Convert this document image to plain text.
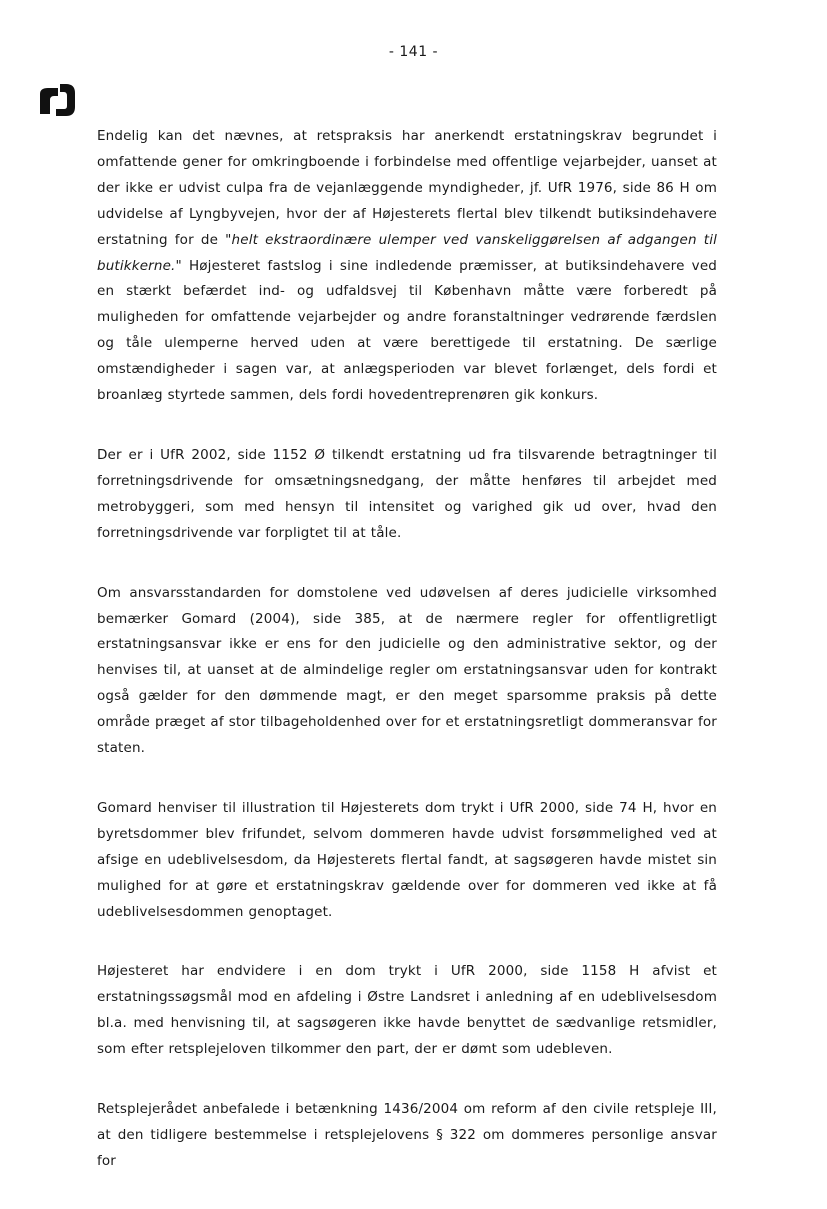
- 141 -

Endelig kan det nævnes, at retspraksis har anerkendt erstatningskrav begrundet i omfattende gener for omkringboende i forbindelse med offentlige vejarbejder, uanset at der ikke er udvist culpa fra de vejanlæggende myndigheder, jf. UfR 1976, side 86 H om udvidelse af Lyngbyvejen, hvor der af Højesterets flertal blev tilkendt butiksindehavere erstatning for de "helt ekstraordinære ulemper ved vanskeliggørelsen af adgangen til butikkerne." Højesteret fastslog i sine indledende præmisser, at butiksindehavere ved en stærkt befærdet ind- og udfaldsvej til København måtte være forberedt på muligheden for omfattende vejarbejder og andre foranstaltninger vedrørende færdslen og tåle ulemperne herved uden at være berettigede til erstatning. De særlige omstændigheder i sagen var, at anlægsperioden var blevet forlænget, dels fordi et broanlæg styrtede sammen, dels fordi hovedentreprenøren gik konkurs.

Der er i UfR 2002, side 1152 Ø tilkendt erstatning ud fra tilsvarende betragtninger til forretningsdrivende for omsætningsnedgang, der måtte henføres til arbejdet med metrobyggeri, som med hensyn til intensitet og varighed gik ud over, hvad den forretningsdrivende var forpligtet til at tåle.

Om ansvarsstandarden for domstolene ved udøvelsen af deres judicielle virksomhed bemærker Gomard (2004), side 385, at de nærmere regler for offentligretligt erstatningsansvar ikke er ens for den judicielle og den administrative sektor, og der henvises til, at uanset at de almindelige regler om erstatningsansvar uden for kontrakt også gælder for den dømmende magt, er den meget sparsomme praksis på dette område præget af stor tilbageholdenhed over for et erstatningsretligt dommeransvar for staten.

Gomard henviser til illustration til Højesterets dom trykt i UfR 2000, side 74 H, hvor en byretsdommer blev frifundet, selvom dommeren havde udvist forsømmelighed ved at afsige en udeblivelsesdom, da Højesterets flertal fandt, at sagsøgeren havde mistet sin mulighed for at gøre et erstatningskrav gældende over for dommeren ved ikke at få udeblivelsesdommen genoptaget.

Højesteret har endvidere i en dom trykt i UfR 2000, side 1158 H afvist et erstatningssøgsmål mod en afdeling i Østre Landsret i anledning af en udeblivelsesdom bl.a. med henvisning til, at sagsøgeren ikke havde benyttet de sædvanlige retsmidler, som efter retsplejeloven tilkommer den part, der er dømt som udebleven.

Retsplejerådet anbefalede i betænkning 1436/2004 om reform af den civile retspleje III, at den tidligere bestemmelse i retsplejelovens § 322 om dommeres personlige ansvar for
